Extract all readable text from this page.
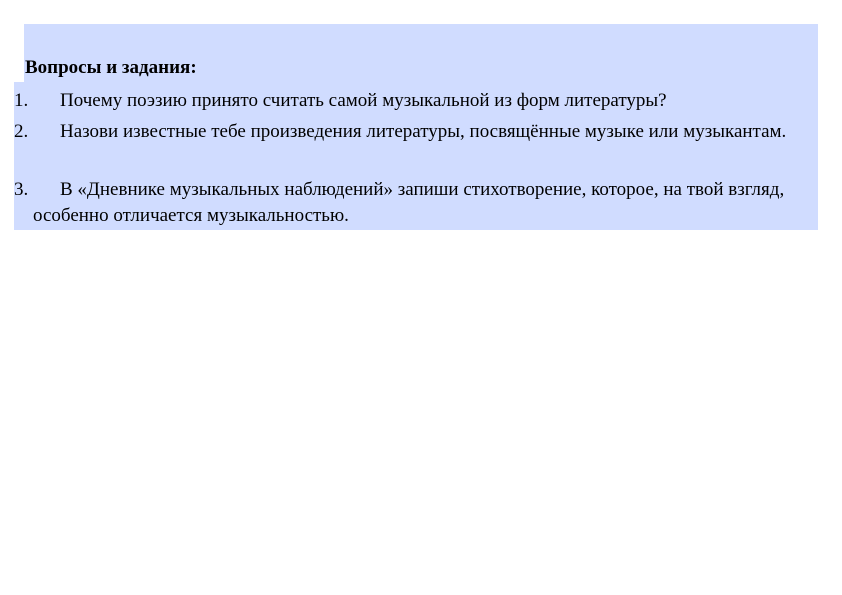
Вопросы и задания:
1.	Почему поэзию принято считать самой музыкальной из форм литературы?
2.	Назови известные тебе произведения литературы, посвящённые музыке или музыкантам.
3.	В «Дневнике музыкальных наблюдений» запиши стихотворение, которое, на твой взгляд, особенно отличается музыкальностью.
